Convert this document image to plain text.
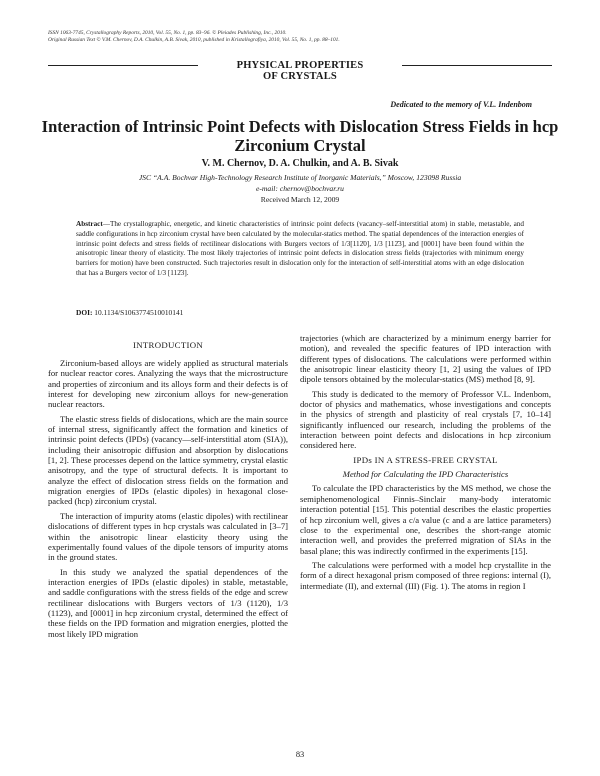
ISSN 1063-7745, Crystallography Reports, 2010, Vol. 55, No. 1, pp. 83–96. © Pleiades Publishing, Inc., 2010.
Original Russian Text © V.M. Chernov, D.A. Chulkin, A.B. Sivak, 2010, published in Kristallografiya, 2010, Vol. 55, No. 1, pp. 88–101.
PHYSICAL PROPERTIES
OF CRYSTALS
Dedicated to the memory of V.L. Indenbom
Interaction of Intrinsic Point Defects with Dislocation Stress Fields in hcp Zirconium Crystal
V. M. Chernov, D. A. Chulkin, and A. B. Sivak
JSC “A.A. Bochvar High-Technology Research Institute of Inorganic Materials,” Moscow, 123098 Russia
e-mail: chernov@bochvar.ru
Received March 12, 2009
Abstract—The crystallographic, energetic, and kinetic characteristics of intrinsic point defects (vacancy–self-interstitial atom) in stable, metastable, and saddle configurations in hcp zirconium crystal have been calculated by the molecular-statics method. The spatial dependences of the interaction energies of intrinsic point defects and stress fields of rectilinear dislocations with Burgers vectors of 1/3[112̄0], 1/3 [112̄3], and [0001] have been found within the anisotropic linear theory of elasticity. The most likely trajectories of intrinsic point defects in dislocation stress fields (trajectories with minimum energy barriers for motion) have been constructed. Such trajectories result in dislocation only for the interaction of self-interstitial atoms with an edge dislocation that has a Burgers vector of 1/3 [112̄3].
DOI: 10.1134/S1063774510010141
INTRODUCTION

Zirconium-based alloys are widely applied as structural materials for nuclear reactor cores. Analyzing the ways that the microstructure and properties of zirconium and its alloys form and their defects is of interest for developing new zirconium alloys for new-generation nuclear reactors.

The elastic stress fields of dislocations, which are the main source of internal stress, significantly affect the formation and kinetics of intrinsic point defects (IPDs) (vacancy—self-interstitial atom (SIA)), including their anisotropic diffusion and absorption by dislocations [1, 2]. These processes depend on the lattice symmetry, crystal elastic anisotropy, and the type of structural defects. It is important to analyze the effect of dislocation stress fields on the formation and migration energies of IPDs (elastic dipoles) in hexagonal close-packed (hcp) zirconium crystal.

The interaction of impurity atoms (elastic dipoles) with rectilinear dislocations of different types in hcp crystals was calculated in [3–7] within the anisotropic linear elasticity theory using the experimentally found values of the dipole tensors of impurity atoms in the ground states.

In this study we analyzed the spatial dependences of the interaction energies of IPDs (elastic dipoles) in stable, metastable, and saddle configurations with the stress fields of the edge and screw rectilinear dislocations with Burgers vectors of 1/3 (112̄0), 1/3 (112̄3), and [0001] in hcp zirconium crystal, determined the effect of these fields on the IPD formation and migration energies, plotted the most likely IPD migration

trajectories (which are characterized by a minimum energy barrier for motion), and revealed the specific features of IPD interaction with different types of dislocations. The calculations were performed within the anisotropic linear elasticity theory [1, 2] using the values of IPD dipole tensors obtained by the molecular-statics (MS) method [8, 9].

This study is dedicated to the memory of Professor V.L. Indenbom, doctor of physics and mathematics, whose investigations and concepts in the physics of strength and plasticity of real crystals [7, 10–14] significantly influenced our research, including the problems of the interaction between point defects and dislocations in hcp zirconium considered here.

IPDs IN A STRESS-FREE CRYSTAL

Method for Calculating the IPD Characteristics

To calculate the IPD characteristics by the MS method, we chose the semiphenomenological Finnis–Sinclair many-body interatomic interaction potential [15]. This potential describes the elastic properties of hcp zirconium well, gives a c/a value (c and a are lattice parameters) close to the experimental one, describes the short-range atomic interaction well, and provides the preferred migration of SIAs in the basal plane; this was indirectly confirmed in the experiments [15].

The calculations were performed with a model hcp crystallite in the form of a direct hexagonal prism composed of three regions: internal (I), intermediate (II), and external (III) (Fig. 1). The atoms in region I

83
